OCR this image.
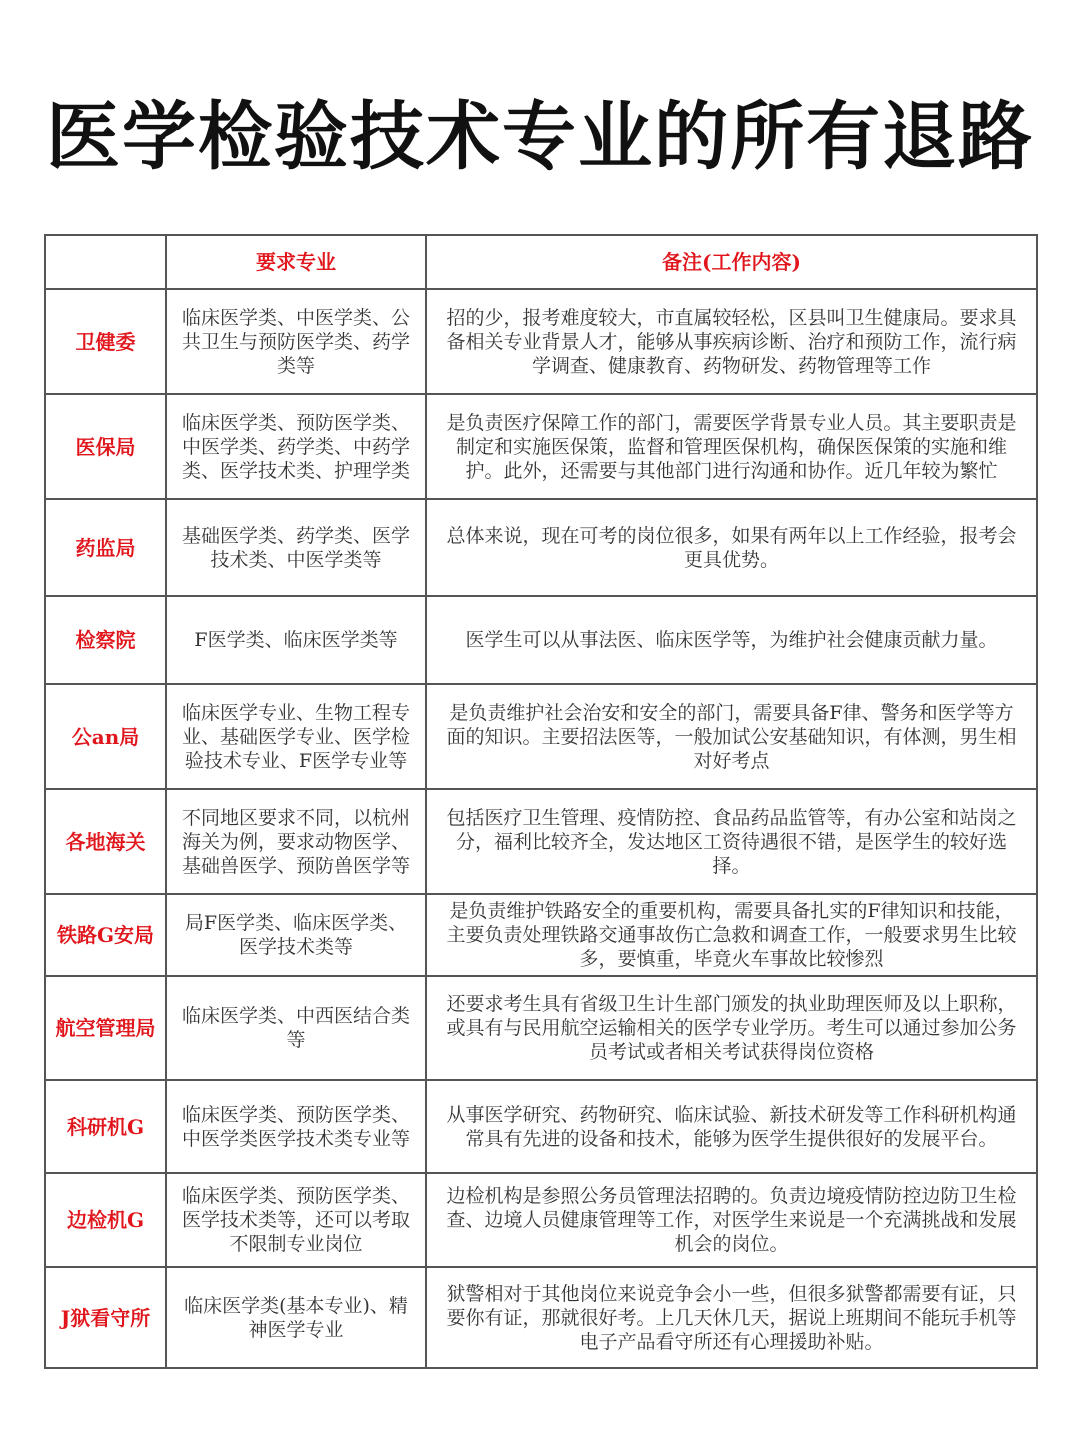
医学检验技术专业的所有退路
	要求专业	备注(工作内容)
卫健委	临床医学类、中医学类、公共卫生与预防医学类、药学类等	招的少，报考难度较大，市直属较轻松，区县叫卫生健康局。要求具备相关专业背景人才，能够从事疾病诊断、治疗和预防工作，流行病学调查、健康教育、药物研发、药物管理等工作
医保局	临床医学类、预防医学类、中医学类、药学类、中药学类、医学技术类、护理学类	是负责医疗保障工作的部门，需要医学背景专业人员。其主要职责是制定和实施医保策，监督和管理医保机构，确保医保策的实施和维护。此外，还需要与其他部门进行沟通和协作。近几年较为繁忙
药监局	基础医学类、药学类、医学技术类、中医学类等	总体来说，现在可考的岗位很多，如果有两年以上工作经验，报考会更具优势。
检察院	F医学类、临床医学类等	医学生可以从事法医、临床医学等，为维护社会健康贡献力量。
公an局	临床医学专业、生物工程专业、基础医学专业、医学检验技术专业、F医学专业等	是负责维护社会治安和安全的部门，需要具备F律、警务和医学等方面的知识。主要招法医等，一般加试公安基础知识，有体测，男生相对好考点
各地海关	不同地区要求不同，以杭州海关为例，要求动物医学、基础兽医学、预防兽医学等	包括医疗卫生管理、疫情防控、食品药品监管等，有办公室和站岗之分，福利比较齐全，发达地区工资待遇很不错，是医学生的较好选择。
铁路G安局	局F医学类、临床医学类、医学技术类等	是负责维护铁路安全的重要机构，需要具备扎实的F律知识和技能，主要负责处理铁路交通事故伤亡急救和调查工作，一般要求男生比较多，要慎重，毕竟火车事故比较惨烈
航空管理局	临床医学类、中西医结合类等	还要求考生具有省级卫生计生部门颁发的执业助理医师及以上职称，或具有与民用航空运输相关的医学专业学历。考生可以通过参加公务员考试或者相关考试获得岗位资格
科研机G	临床医学类、预防医学类、中医学类医学技术类专业等	从事医学研究、药物研究、临床试验、新技术研发等工作科研机构通常具有先进的设备和技术，能够为医学生提供很好的发展平台。
边检机G	临床医学类、预防医学类、医学技术类等，还可以考取不限制专业岗位	边检机构是参照公务员管理法招聘的。负责边境疫情防控边防卫生检查、边境人员健康管理等工作，对医学生来说是一个充满挑战和发展机会的岗位。
J狱看守所	临床医学类(基本专业)、精神医学专业	狱警相对于其他岗位来说竞争会小一些，但很多狱警都需要有证，只要你有证，那就很好考。上几天休几天，据说上班期间不能玩手机等电子产品看守所还有心理援助补贴。
